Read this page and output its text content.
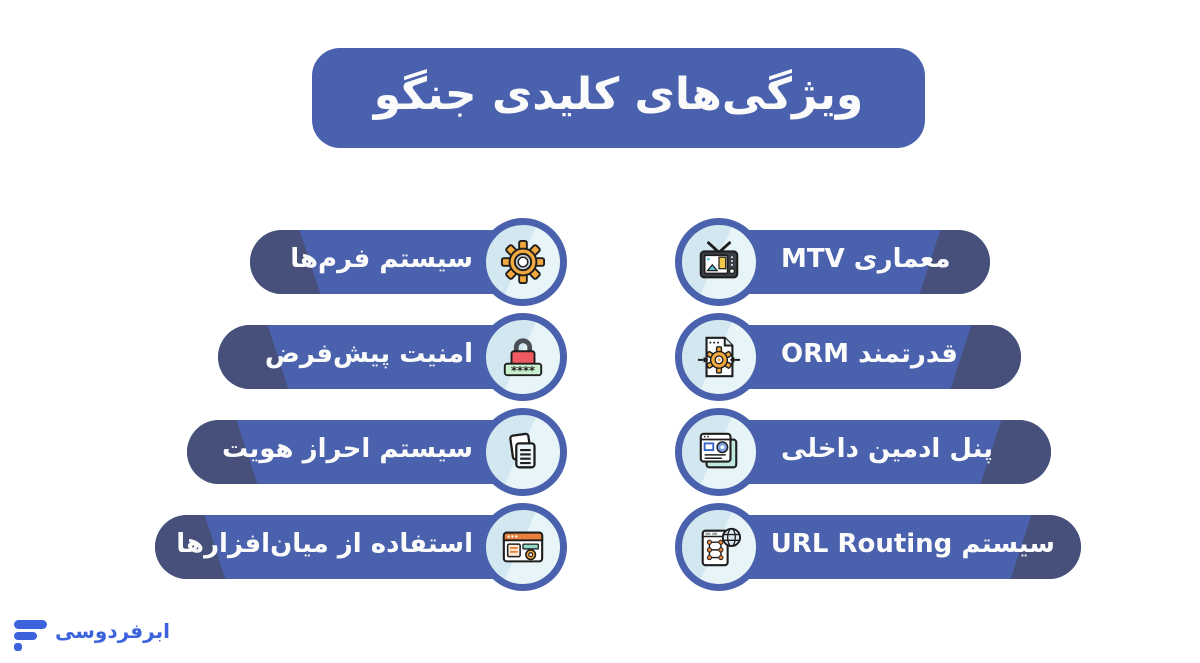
ویژگی‌های کلیدی جنگو
سیستم فرم‌ها
امنیت پیش‌فرض
****
سیستم احراز هویت
استفاده از میان‌افزارها
معماری MTV
ORM قدرتمند
پنل ادمین داخلی
سیستم URL Routing
ابرفردوسی
